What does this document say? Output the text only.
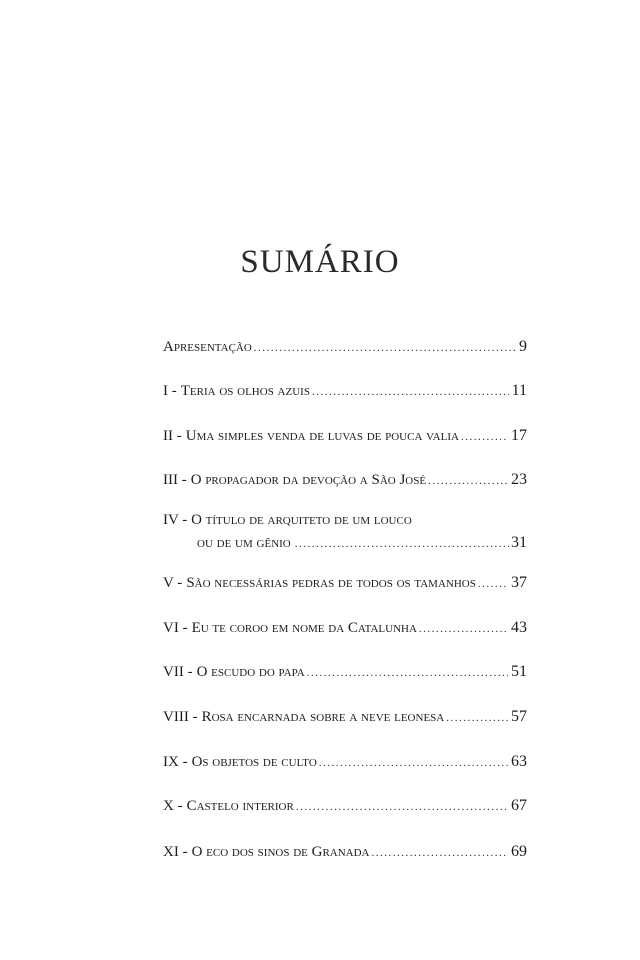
SUMÁRIO
Apresentação .....	9
I - Teria os olhos azuis .....	11
II - Uma simples venda de luvas de pouca valia .....	17
III - O propagador da devoção a São José .....	23
IV - O título de arquiteto de um louco
ou de um gênio .....	31
V - São necessárias pedras de todos os tamanhos ..... 37
VI - Eu te coroo em nome da Catalunha .....	43
VII - O escudo do papa .....	51
VIII - Rosa encarnada sobre a neve leonesa .....	57
IX - Os objetos de culto .....	63
X - Castelo interior .....	67
XI - O eco dos sinos de Granada .....	69
